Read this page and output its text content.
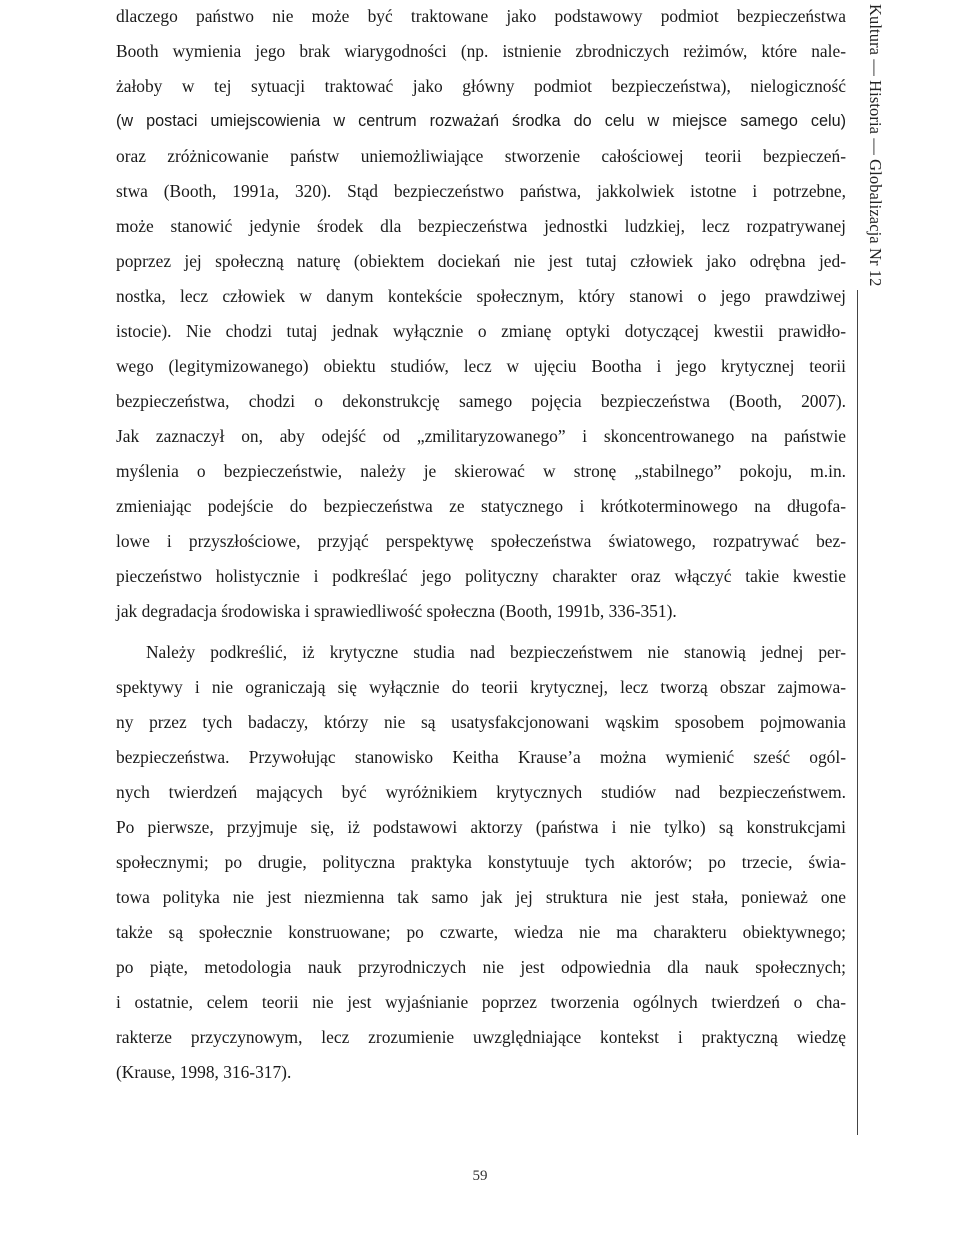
dlaczego państwo nie może być traktowane jako podstawowy podmiot bezpieczeństwa
Booth wymienia jego brak wiarygodności (np. istnienie zbrodniczych reżimów, które nale-
żałoby w tej sytuacji traktować jako główny podmiot bezpieczeństwa), nielogiczność
(w postaci umiejscowienia w centrum rozważań środka do celu w miejsce samego celu)
oraz zróżnicowanie państw uniemożliwiające stworzenie całościowej teorii bezpieczeń-
stwa (Booth, 1991a, 320). Stąd bezpieczeństwo państwa, jakkolwiek istotne i potrzebne,
może stanowić jedynie środek dla bezpieczeństwa jednostki ludzkiej, lecz rozpatrywanej
poprzez jej społeczną naturę (obiektem dociekań nie jest tutaj człowiek jako odrębna jed-
nostka, lecz człowiek w danym kontekście społecznym, który stanowi o jego prawdziwej
istocie). Nie chodzi tutaj jednak wyłącznie o zmianę optyki dotyczącej kwestii prawidło-
wego (legitymizowanego) obiektu studiów, lecz w ujęciu Bootha i jego krytycznej teorii
bezpieczeństwa, chodzi o dekonstrukcję samego pojęcia bezpieczeństwa (Booth, 2007).
Jak zaznaczył on, aby odejść od „zmilitaryzowanego” i skoncentrowanego na państwie
myślenia o bezpieczeństwie, należy je skierować w stronę „stabilnego” pokoju, m.in.
zmieniając podejście do bezpieczeństwa ze statycznego i krótkoterminowego na długofa-
lowe i przyszłościowe, przyjąć perspektywę społeczeństwa światowego, rozpatrywać bez-
pieczeństwo holistycznie i podkreślać jego polityczny charakter oraz włączyć takie kwestie
jak degradacja środowiska i sprawiedliwość społeczna (Booth, 1991b, 336-351).
Należy podkreślić, iż krytyczne studia nad bezpieczeństwem nie stanowią jednej per-
spektywy i nie ograniczają się wyłącznie do teorii krytycznej, lecz tworzą obszar zajmowa-
ny przez tych badaczy, którzy nie są usatysfakcjonowani wąskim sposobem pojmowania
bezpieczeństwa. Przywołując stanowisko Keitha Krause’a można wymienić sześć ogól-
nych twierdzeń mających być wyróżnikiem krytycznych studiów nad bezpieczeństwem.
Po pierwsze, przyjmuje się, iż podstawowi aktorzy (państwa i nie tylko) są konstrukcjami
społecznymi; po drugie, polityczna praktyka konstytuuje tych aktorów; po trzecie, świa-
towa polityka nie jest niezmienna tak samo jak jej struktura nie jest stała, ponieważ one
także są społecznie konstruowane; po czwarte, wiedza nie ma charakteru obiektywnego;
po piąte, metodologia nauk przyrodniczych nie jest odpowiednia dla nauk społecznych;
i ostatnie, celem teorii nie jest wyjaśnianie poprzez tworzenia ogólnych twierdzeń o cha-
rakterze przyczynowym, lecz zrozumienie uwzględniające kontekst i praktyczną wiedzę
(Krause, 1998, 316-317).
Kultura — Historia — Globalizacja Nr 12
59
